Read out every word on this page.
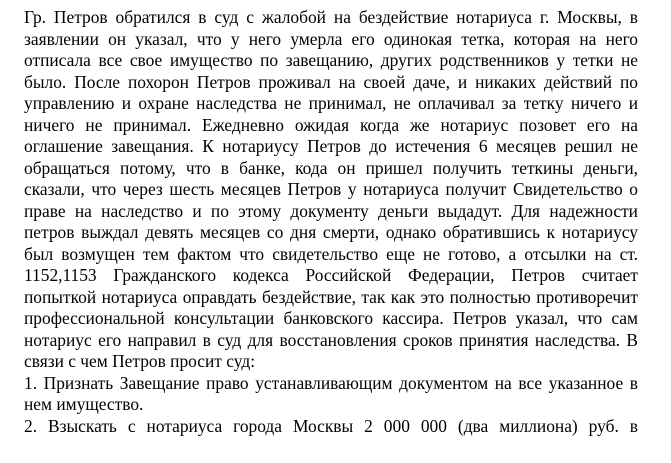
Гр. Петров обратился в суд с жалобой на бездействие нотариуса г. Москвы, в заявлении он указал, что у него умерла его одинокая тетка, которая на него отписала все свое имущество по завещанию, других родственников у тетки не было. После похорон Петров проживал на своей даче, и никаких действий по управлению и охране наследства не принимал, не оплачивал за тетку ничего и ничего не принимал. Ежедневно ожидая когда же нотариус позовет его на оглашение завещания. К нотариусу Петров до истечения 6 месяцев решил не обращаться потому, что в банке, кода он пришел получить теткины деньги, сказали, что через шесть месяцев Петров у нотариуса получит Свидетельство о праве на наследство и по этому документу деньги выдадут. Для надежности петров выждал девять месяцев со дня смерти, однако обратившись к нотариусу был возмущен тем фактом что свидетельство еще не готово, а отсылки на ст. 1152,1153 Гражданского кодекса Российской Федерации, Петров считает попыткой нотариуса оправдать бездействие, так как это полностью противоречит профессиональной консультации банковского кассира. Петров указал, что сам нотариус его направил в суд для восстановления сроков принятия наследства. В связи с чем Петров просит суд:

1. Признать Завещание право устанавливающим документом на все указанное в нем имущество.

2. Взыскать с нотариуса города Москвы 2 000 000 (два миллиона) руб. в
